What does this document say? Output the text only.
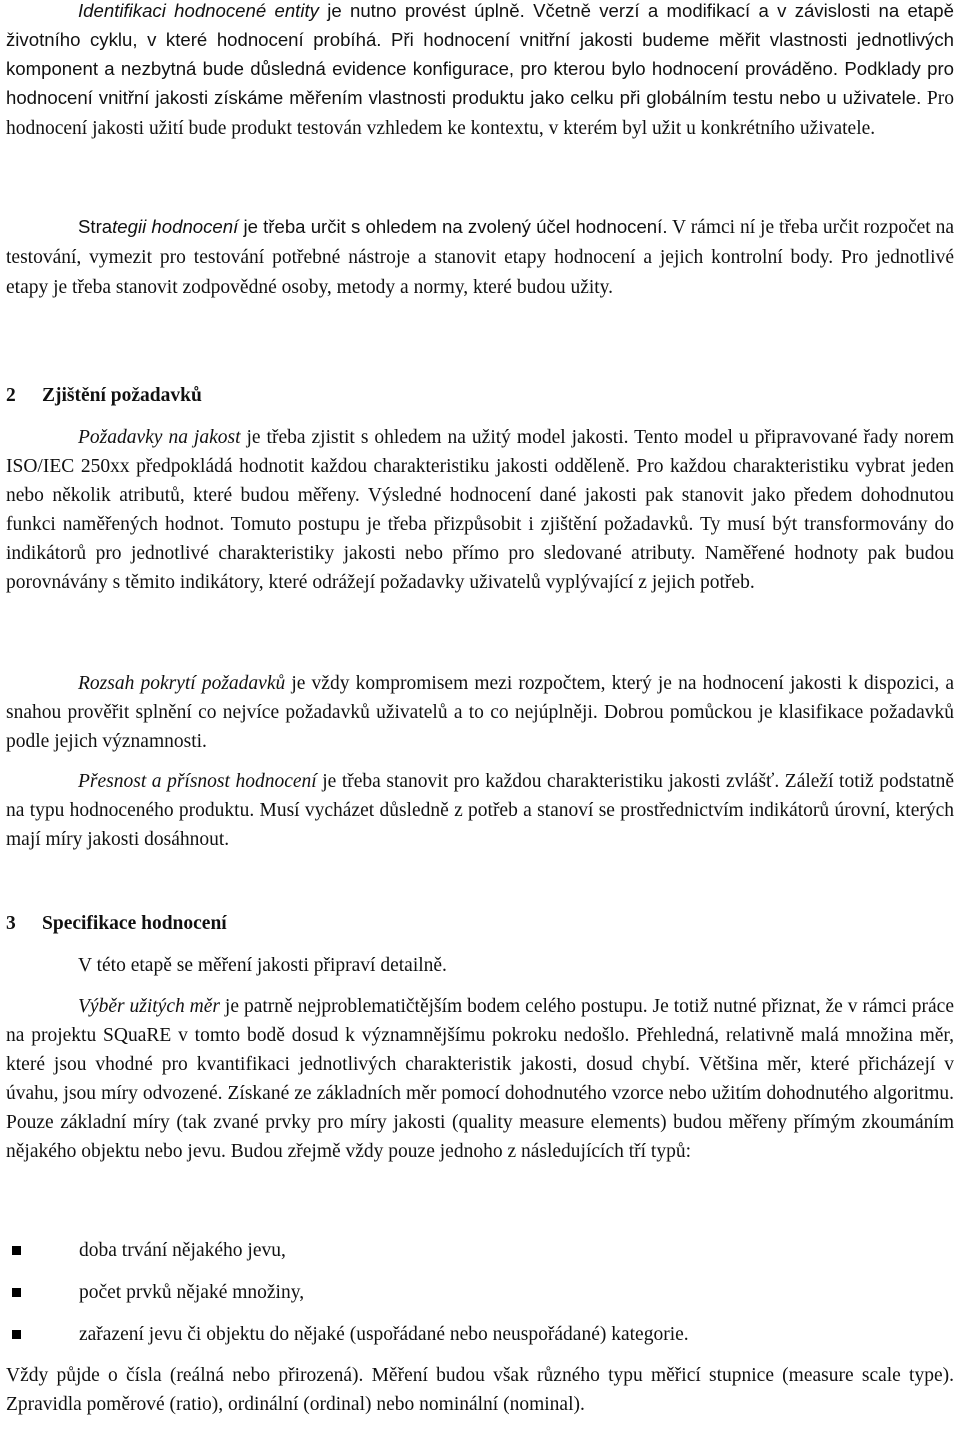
Identifikaci hodnocené entity je nutno provést úplně. Včetně verzí a modifikací a v závislosti na etapě životního cyklu, v které hodnocení probíhá. Při hodnocení vnitřní jakosti budeme měřit vlastnosti jednotlivých komponent a nezbytná bude důsledná evidence konfigurace, pro kterou bylo hodnocení prováděno. Podklady pro hodnocení vnitřní jakosti získáme měřením vlastnosti produktu jako celku při globálním testu nebo u uživatele. Pro hodnocení jakosti užití bude produkt testován vzhledem ke kontextu, v kterém byl užit u konkrétního uživatele.

Strategii hodnocení je třeba určit s ohledem na zvolený účel hodnocení. V rámci ní je třeba určit rozpočet na testování, vymezit pro testování potřebné nástroje a stanovit etapy hodnocení a jejich kontrolní body. Pro jednotlivé etapy je třeba stanovit zodpovědné osoby, metody a normy, které budou užity.

2 Zjištění požadavků

Požadavky na jakost je třeba zjistit s ohledem na užitý model jakosti. Tento model u připravované řady norem ISO/IEC 250xx předpokládá hodnotit každou charakteristiku jakosti odděleně. Pro každou charakteristiku vybrat jeden nebo několik atributů, které budou měřeny. Výsledné hodnocení dané jakosti pak stanovit jako předem dohodnutou funkci naměřených hodnot. Tomuto postupu je třeba přizpůsobit i zjištění požadavků. Ty musí být transformovány do indikátorů pro jednotlivé charakteristiky jakosti nebo přímo pro sledované atributy. Naměřené hodnoty pak budou porovnávány s těmito indikátory, které odrážejí požadavky uživatelů vyplývající z jejich potřeb.

Rozsah pokrytí požadavků je vždy kompromisem mezi rozpočtem, který je na hodnocení jakosti k dispozici, a snahou prověřit splnění co nejvíce požadavků uživatelů a to co nejúplněji. Dobrou pomůckou je klasifikace požadavků podle jejich významnosti.

Přesnost a přísnost hodnocení je třeba stanovit pro každou charakteristiku jakosti zvlášť. Záleží totiž podstatně na typu hodnoceného produktu. Musí vycházet důsledně z potřeb a stanoví se prostřednictvím indikátorů úrovní, kterých mají míry jakosti dosáhnout.

3 Specifikace hodnocení

V této etapě se měření jakosti připraví detailně.

Výběr užitých měr je patrně nejproblematičtějším bodem celého postupu. Je totiž nutné přiznat, že v rámci práce na projektu SQuaRE v tomto bodě dosud k významnějšímu pokroku nedošlo. Přehledná, relativně malá množina měr, které jsou vhodné pro kvantifikaci jednotlivých charakteristik jakosti, dosud chybí. Většina měr, které přicházejí v úvahu, jsou míry odvozené. Získané ze základních měr pomocí dohodnutého vzorce nebo užitím dohodnutého algoritmu. Pouze základní míry (tak zvané prvky pro míry jakosti (quality measure elements) budou měřeny přímým zkoumáním nějakého objektu nebo jevu. Budou zřejmě vždy pouze jednoho z následujících tří typů:

doba trvání nějakého jevu,
počet prvků nějaké množiny,
zařazení jevu či objektu do nějaké (uspořádané nebo neuspořádané) kategorie.

Vždy půjde o čísla (reálná nebo přirozená). Měření budou však různého typu měřicí stupnice (measure scale type). Zpravidla poměrové (ratio), ordinální (ordinal) nebo nominální (nominal).
